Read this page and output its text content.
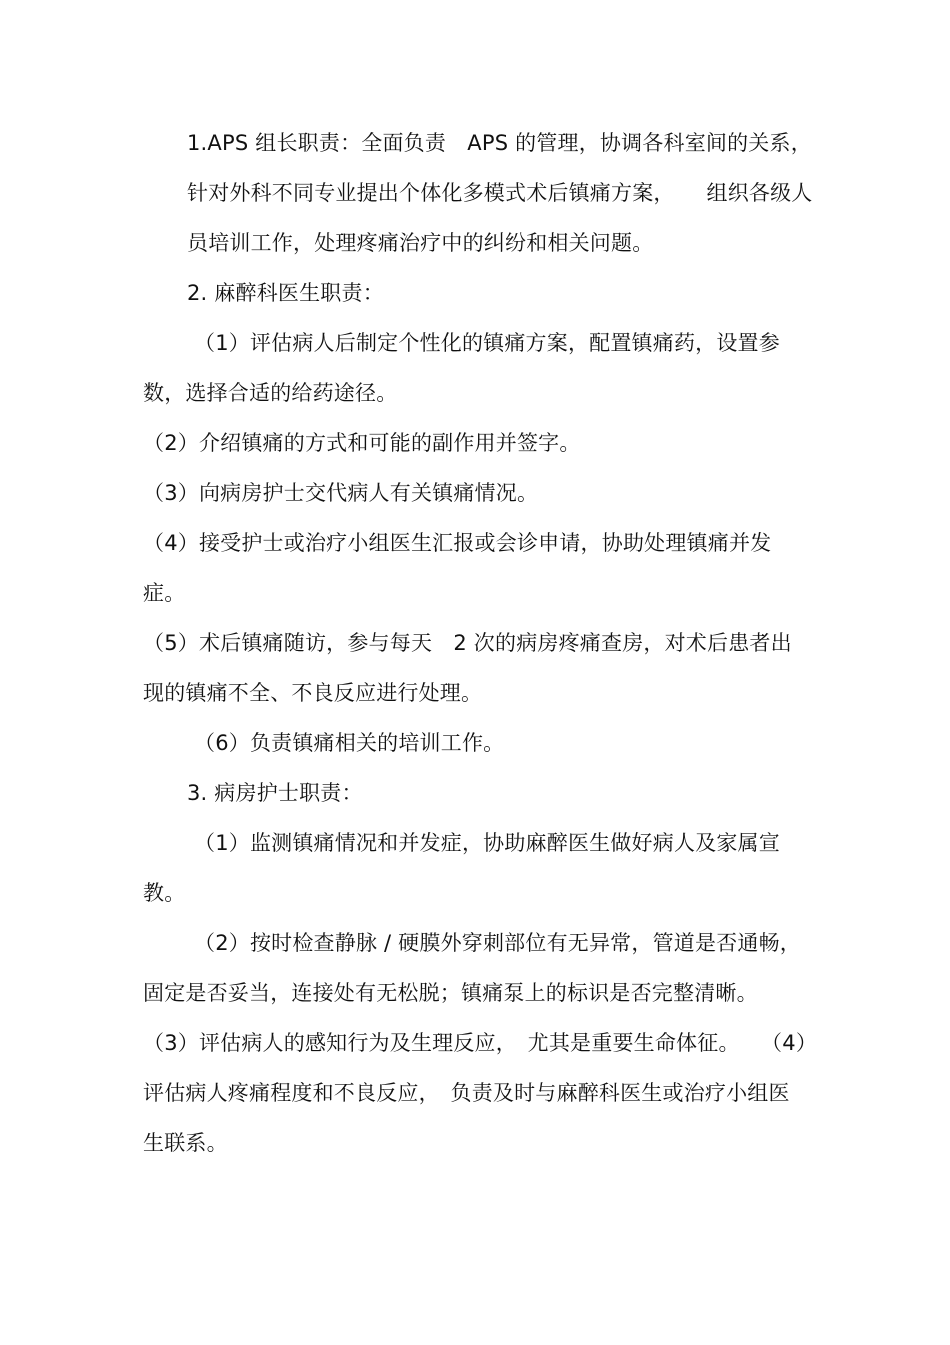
1.APS 组长职责：全面负责　APS 的管理，协调各科室间的关系，
针对外科不同专业提出个体化多模式术后镇痛方案，　　组织各级人
员培训工作，处理疼痛治疗中的纠纷和相关问题。
2. 麻醉科医生职责：
（1）评估病人后制定个性化的镇痛方案，配置镇痛药，设置参
数，选择合适的给药途径。
（2）介绍镇痛的方式和可能的副作用并签字。
（3）向病房护士交代病人有关镇痛情况。
（4）接受护士或治疗小组医生汇报或会诊申请，协助处理镇痛并发
症。
（5）术后镇痛随访，参与每天　2 次的病房疼痛查房，对术后患者出
现的镇痛不全、不良反应进行处理。
（6）负责镇痛相关的培训工作。
3. 病房护士职责：
（1）监测镇痛情况和并发症，协助麻醉医生做好病人及家属宣
教。
（2）按时检查静脉 / 硬膜外穿刺部位有无异常，管道是否通畅，
固定是否妥当，连接处有无松脱；镇痛泵上的标识是否完整清晰。
（3）评估病人的感知行为及生理反应，　尤其是重要生命体征。　　（4）
评估病人疼痛程度和不良反应，　负责及时与麻醉科医生或治疗小组医
生联系。
